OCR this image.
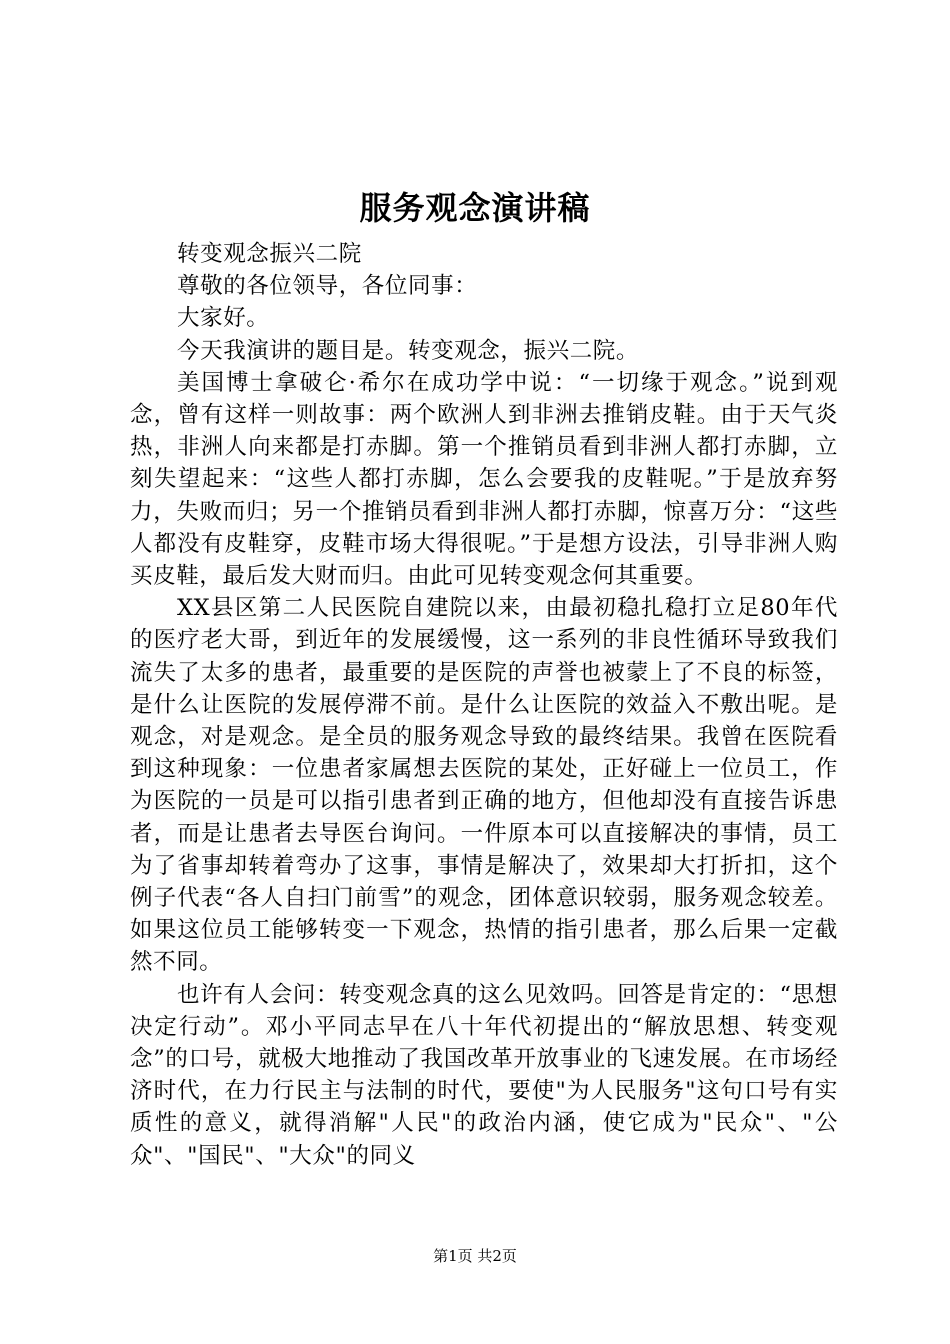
服务观念演讲稿

转变观念振兴二院

尊敬的各位领导，各位同事：

大家好。

今天我演讲的题目是。转变观念，振兴二院。

美国博士拿破仑·希尔在成功学中说：“一切缘于观念。”说到观念，曾有这样一则故事：两个欧洲人到非洲去推销皮鞋。由于天气炎热，非洲人向来都是打赤脚。第一个推销员看到非洲人都打赤脚，立刻失望起来：“这些人都打赤脚，怎么会要我的皮鞋呢。”于是放弃努力，失败而归；另一个推销员看到非洲人都打赤脚，惊喜万分：“这些人都没有皮鞋穿，皮鞋市场大得很呢。”于是想方设法，引导非洲人购买皮鞋，最后发大财而归。由此可见转变观念何其重要。

XX县区第二人民医院自建院以来，由最初稳扎稳打立足80年代的医疗老大哥，到近年的发展缓慢，这一系列的非良性循环导致我们流失了太多的患者，最重要的是医院的声誉也被蒙上了不良的标签，是什么让医院的发展停滞不前。是什么让医院的效益入不敷出呢。是观念，对是观念。是全员的服务观念导致的最终结果。我曾在医院看到这种现象：一位患者家属想去医院的某处，正好碰上一位员工，作为医院的一员是可以指引患者到正确的地方，但他却没有直接告诉患者，而是让患者去导医台询问。一件原本可以直接解决的事情，员工为了省事却转着弯办了这事，事情是解决了，效果却大打折扣，这个例子代表“各人自扫门前雪”的观念，团体意识较弱，服务观念较差。如果这位员工能够转变一下观念，热情的指引患者，那么后果一定截然不同。

也许有人会问：转变观念真的这么见效吗。回答是肯定的：“思想决定行动”。邓小平同志早在八十年代初提出的“解放思想、转变观念”的口号，就极大地推动了我国改革开放事业的飞速发展。在市场经济时代，在力行民主与法制的时代，要使"为人民服务"这句口号有实质性的意义，就得消解"人民"的政治内涵，使它成为"民众"、"公众"、"国民"、"大众"的同义

第1页 共2页
